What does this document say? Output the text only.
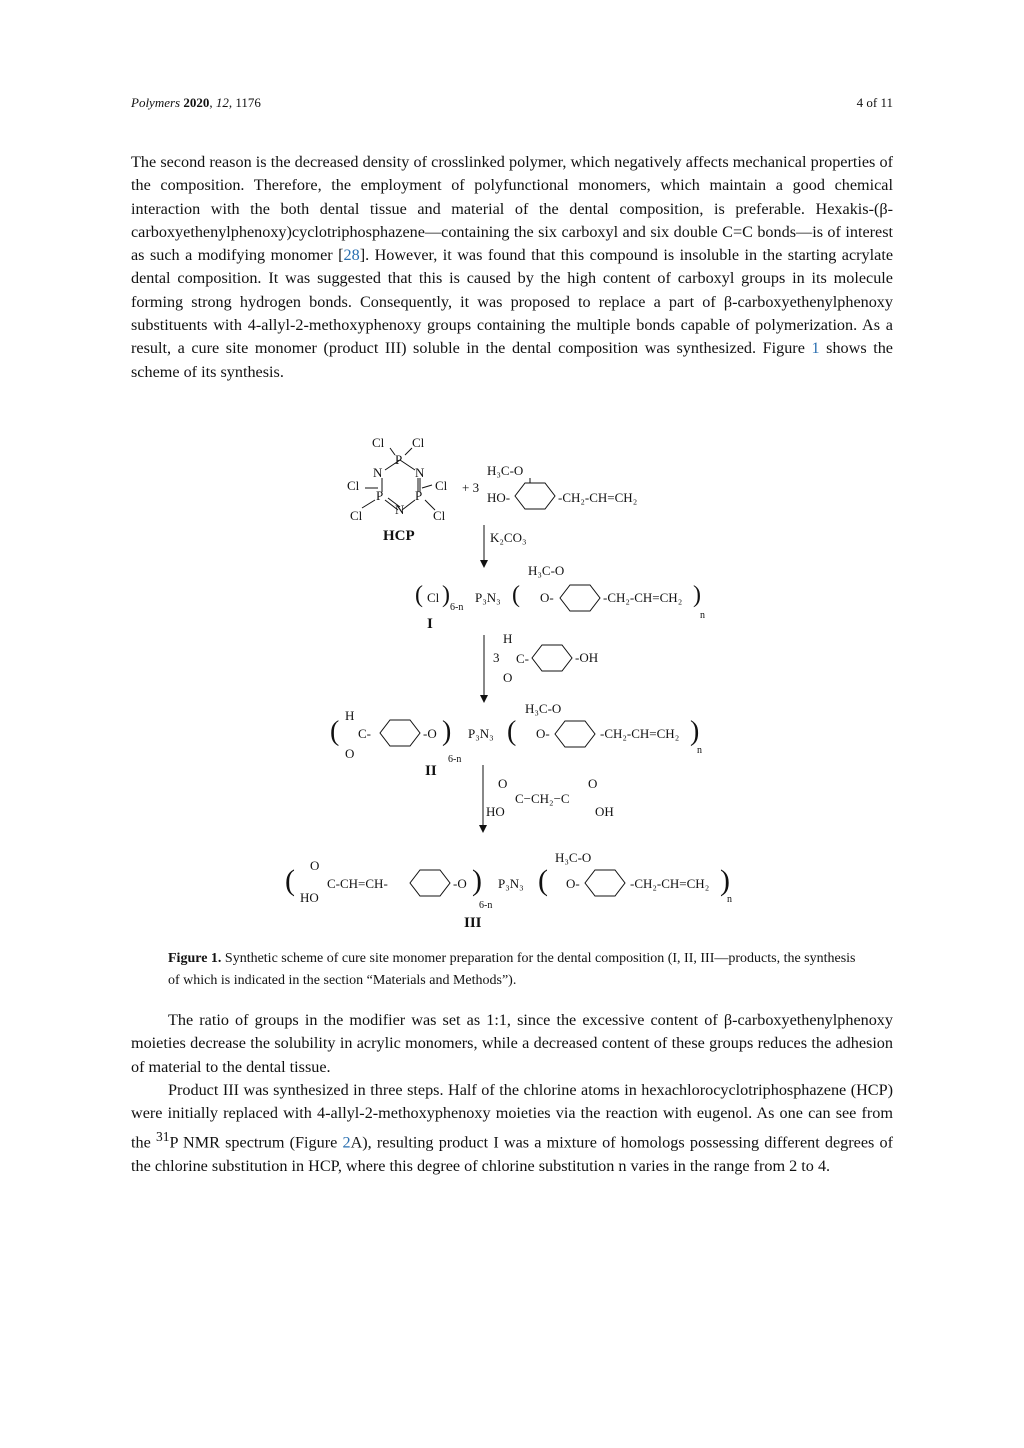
Polymers 2020, 12, 1176	4 of 11
The second reason is the decreased density of crosslinked polymer, which negatively affects mechanical properties of the composition. Therefore, the employment of polyfunctional monomers, which maintain a good chemical interaction with the both dental tissue and material of the dental composition, is preferable. Hexakis-(β-carboxyethenylphenoxy)cyclotriphosphazene—containing the six carboxyl and six double C=C bonds—is of interest as such a modifying monomer [28]. However, it was found that this compound is insoluble in the starting acrylate dental composition. It was suggested that this is caused by the high content of carboxyl groups in its molecule forming strong hydrogen bonds. Consequently, it was proposed to replace a part of β-carboxyethenylphenoxy substituents with 4-allyl-2-methoxyphenoxy groups containing the multiple bonds capable of polymerization. As a result, a cure site monomer (product III) soluble in the dental composition was synthesized. Figure 1 shows the scheme of its synthesis.
Cl Cl
P
N	N
Cl
P
N
P
Cl
Cl	Cl
HCP
+ 3
H₃C-O
HO-	-CH₂-CH=CH₂
K₂CO₃
( Cl ) 6-n
P₃N₃ (
H₃C-O
O-	-CH₂-CH=CH₂ )
n
I
3
H
C-
O
-OH
(
H
C-
O
-O )
6-n
P₃N₃ (
H₃C-O
O-	-CH₂-CH=CH₂ )
n
II
O
C−CH₂−C
O
HO	OH
( O
C-CH=CH-
HO
-O )
6-n
P₃N₃ (
H₃C-O
O-	-CH₂-CH=CH₂ )
n
III
Figure 1. Synthetic scheme of cure site monomer preparation for the dental composition (I, II, III—products, the synthesis of which is indicated in the section “Materials and Methods”).

The ratio of groups in the modifier was set as 1:1, since the excessive content of β-carboxyethenylphenoxy moieties decrease the solubility in acrylic monomers, while a decreased content of these groups reduces the adhesion of material to the dental tissue.

Product III was synthesized in three steps. Half of the chlorine atoms in hexachlorocyclotriphosphazene (HCP) were initially replaced with 4-allyl-2-methoxyphenoxy moieties via the reaction with eugenol. As one can see from the $^{31}$P NMR spectrum (Figure 2A), resulting product I was a mixture of homologs possessing different degrees of the chlorine substitution in HCP, where this degree of chlorine substitution n varies in the range from 2 to 4.
